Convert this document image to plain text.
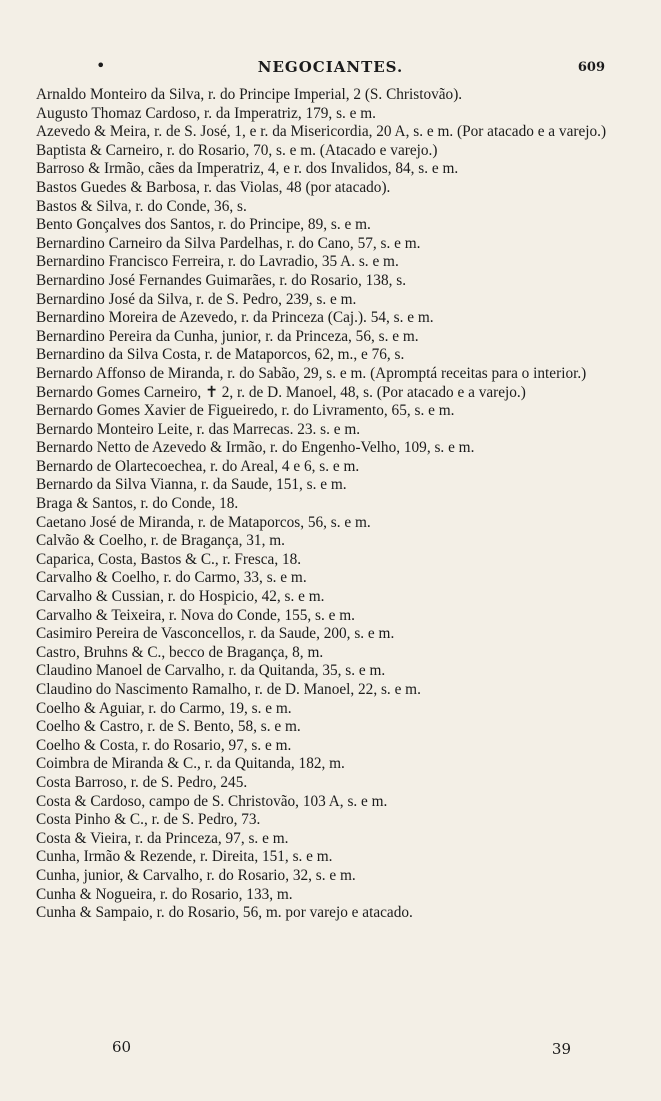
•	NEGOCIANTES.	609

Arnaldo Monteiro da Silva, r. do Principe Imperial, 2 (S. Christovão).

Augusto Thomaz Cardoso, r. da Imperatriz, 179, s. e m.

Azevedo & Meira, r. de S. José, 1, e r. da Misericordia, 20 A, s. e m. (Por atacado e a varejo.)

Baptista & Carneiro, r. do Rosario, 70, s. e m. (Atacado e varejo.)

Barroso & Irmão, cães da Imperatriz, 4, e r. dos Invalidos, 84, s. e m.

Bastos Guedes & Barbosa, r. das Violas, 48 (por atacado).

Bastos & Silva, r. do Conde, 36, s.

Bento Gonçalves dos Santos, r. do Principe, 89, s. e m.

Bernardino Carneiro da Silva Pardelhas, r. do Cano, 57, s. e m.

Bernardino Francisco Ferreira, r. do Lavradio, 35 A. s. e m.

Bernardino José Fernandes Guimarães, r. do Rosario, 138, s.

Bernardino José da Silva, r. de S. Pedro, 239, s. e m.

Bernardino Moreira de Azevedo, r. da Princeza (Caj.). 54, s. e m.

Bernardino Pereira da Cunha, junior, r. da Princeza, 56, s. e m.

Bernardino da Silva Costa, r. de Mataporcos, 62, m., e 76, s.

Bernardo Affonso de Miranda, r. do Sabão, 29, s. e m. (Apromptá receitas para o interior.)

Bernardo Gomes Carneiro, ✝ 2, r. de D. Manoel, 48, s. (Por atacado e a varejo.)

Bernardo Gomes Xavier de Figueiredo, r. do Livramento, 65, s. e m.

Bernardo Monteiro Leite, r. das Marrecas. 23. s. e m.

Bernardo Netto de Azevedo & Irmão, r. do Engenho-Velho, 109, s. e m.

Bernardo de Olartecoechea, r. do Areal, 4 e 6, s. e m.

Bernardo da Silva Vianna, r. da Saude, 151, s. e m.

Braga & Santos, r. do Conde, 18.

Caetano José de Miranda, r. de Mataporcos, 56, s. e m.

Calvão & Coelho, r. de Bragança, 31, m.

Caparica, Costa, Bastos & C., r. Fresca, 18.

Carvalho & Coelho, r. do Carmo, 33, s. e m.

Carvalho & Cussian, r. do Hospicio, 42, s. e m.

Carvalho & Teixeira, r. Nova do Conde, 155, s. e m.

Casimiro Pereira de Vasconcellos, r. da Saude, 200, s. e m.

Castro, Bruhns & C., becco de Bragança, 8, m.

Claudino Manoel de Carvalho, r. da Quitanda, 35, s. e m.

Claudino do Nascimento Ramalho, r. de D. Manoel, 22, s. e m.

Coelho & Aguiar, r. do Carmo, 19, s. e m.

Coelho & Castro, r. de S. Bento, 58, s. e m.

Coelho & Costa, r. do Rosario, 97, s. e m.

Coimbra de Miranda & C., r. da Quitanda, 182, m.

Costa Barroso, r. de S. Pedro, 245.

Costa & Cardoso, campo de S. Christovão, 103 A, s. e m.

Costa Pinho & C., r. de S. Pedro, 73.

Costa & Vieira, r. da Princeza, 97, s. e m.

Cunha, Irmão & Rezende, r. Direita, 151, s. e m.

Cunha, junior, & Carvalho, r. do Rosario, 32, s. e m.

Cunha & Nogueira, r. do Rosario, 133, m.

Cunha & Sampaio, r. do Rosario, 56, m. por varejo e atacado.

60	39
